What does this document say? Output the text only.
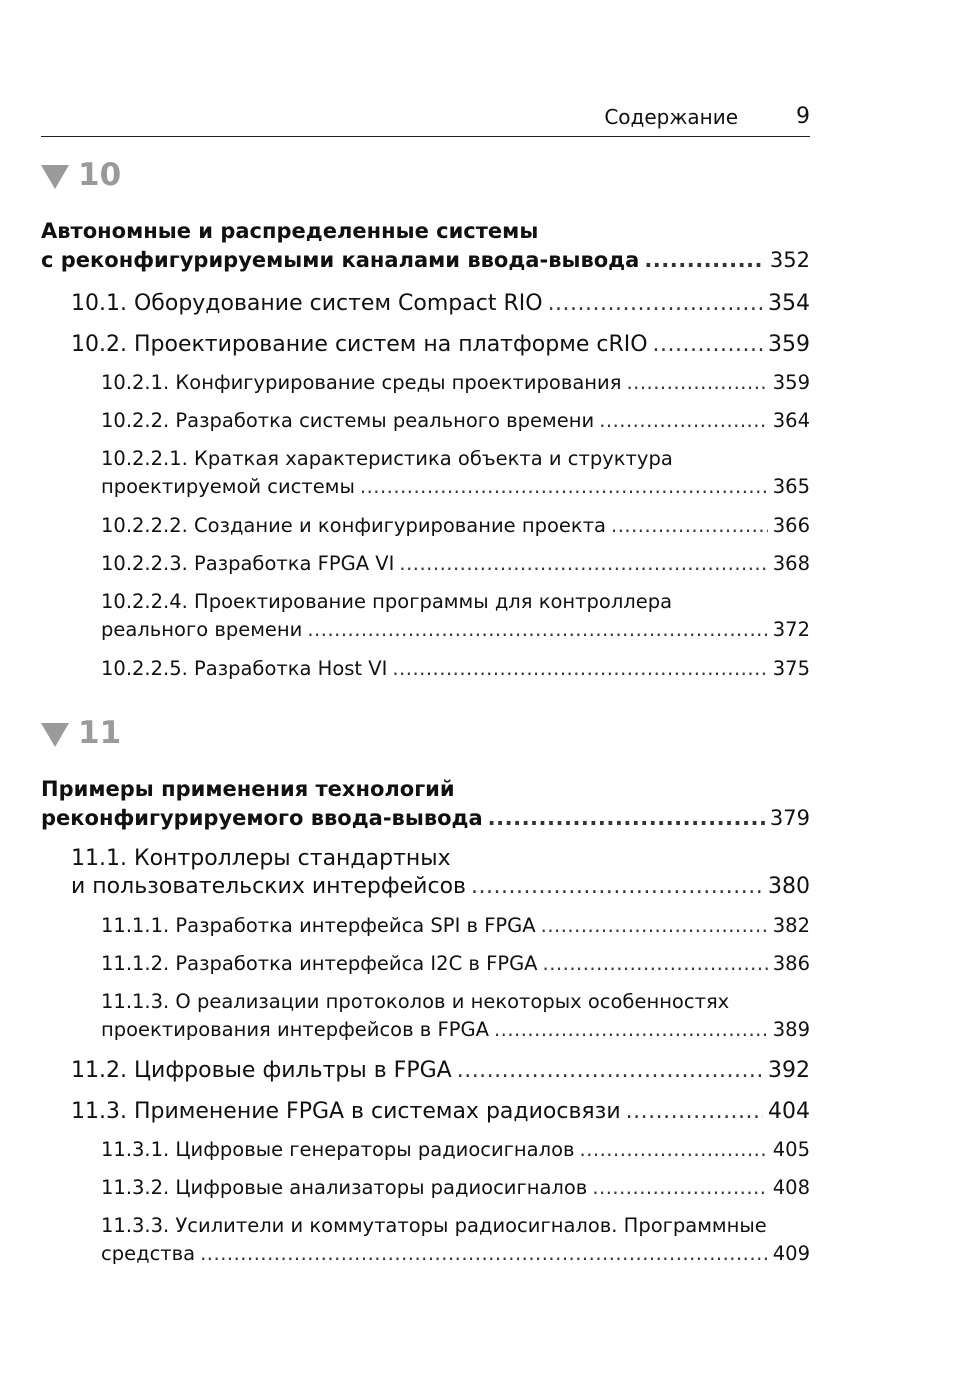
Содержание	9
10
Автономные и распределенные системы
с реконфигурируемыми каналами ввода-вывода .....	352
10.1. Оборудование систем Compact RIO .....	354
10.2. Проектирование систем на платформе cRIO .....	359
10.2.1. Конфигурирование среды проектирования .....	359
10.2.2. Разработка системы реального времени .....	364
10.2.2.1. Краткая характеристика объекта и структура
проектируемой системы .....	365
10.2.2.2. Создание и конфигурирование проекта .....	366
10.2.2.3. Разработка FPGA VI .....	368
10.2.2.4. Проектирование программы для контроллера
реального времени .....	372
10.2.2.5. Разработка Host VI .....	375
11
Примеры применения технологий
реконфигурируемого ввода-вывода .....	379
11.1. Контроллеры стандартных
и пользовательских интерфейсов .....	380
11.1.1. Разработка интерфейса SPI в FPGA .....	382
11.1.2. Разработка интерфейса I2C в FPGA .....	386
11.1.3. О реализации протоколов и некоторых особенностях
проектирования интерфейсов в FPGA .....	389
11.2. Цифровые фильтры в FPGA .....	392
11.3. Применение FPGA в системах радиосвязи .....	404
11.3.1. Цифровые генераторы радиосигналов .....	405
11.3.2. Цифровые анализаторы радиосигналов .....	408
11.3.3. Усилители и коммутаторы радиосигналов. Программные
средства .....	409
